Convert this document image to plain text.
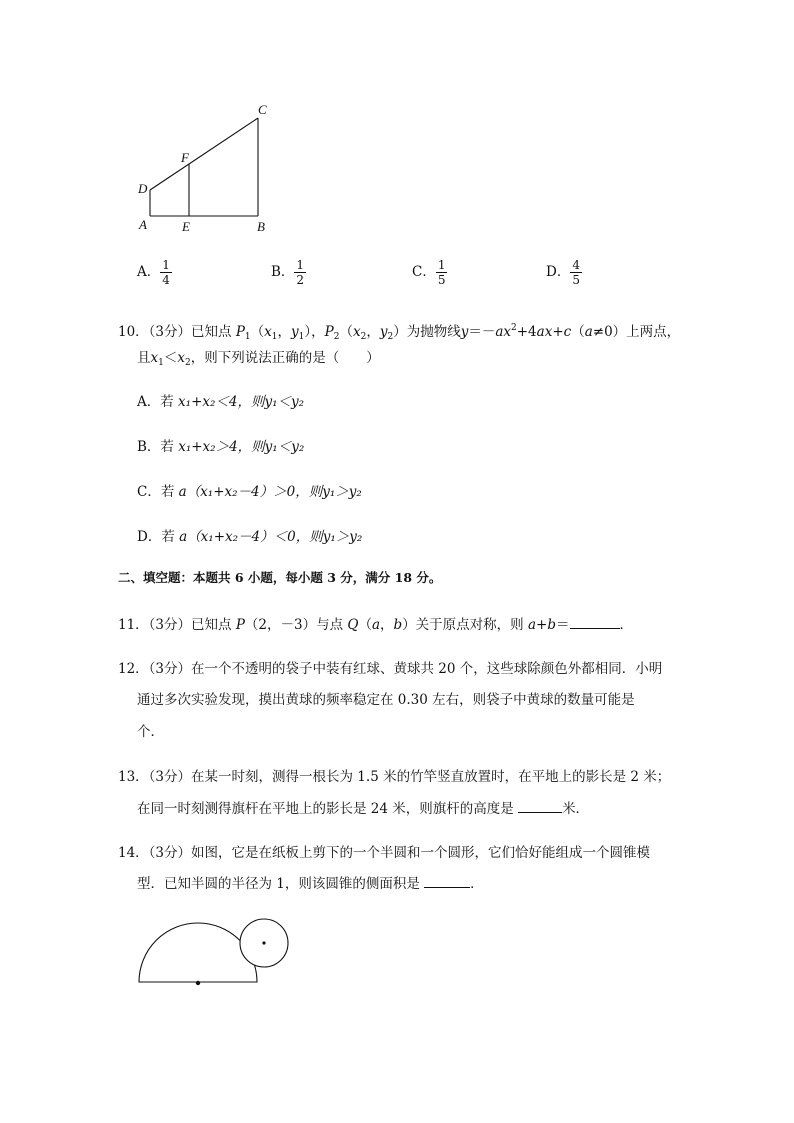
A	B
C
D
E
F
A． $\frac{1}{4}$	B． $\frac{1}{2}$	C． $\frac{1}{5}$	D． $\frac{4}{5}$
10．（3分）已知点 $P_1(x_1$，$y_1$），$P_2(x_2$，$y_2$）为抛物线$y=-ax^2+4ax+c(a\ne 0)$上两点，
且$x_1<x_2$，则下列说法正确的是（　　）
A．若 x₁+x₂＜4，则y₁＜y₂
B．若 x₁+x₂＞4，则y₁＜y₂
C．若 a（x₁+x₂－4）＞0，则y₁＞y₂
D．若 a（x₁+x₂－4）＜0，则y₁＞y₂
二、填空题：本题共 6 小题，每小题 3 分，满分 18 分。
11．（3分）已知点 P（2，－3）与点 Q（a，b）关于原点对称，则 a+b＝	．
12．（3分）在一个不透明的袋子中装有红球、黄球共 20 个，这些球除颜色外都相同．小明
通过多次实验发现，摸出黄球的频率稳定在 0.30 左右，则袋子中黄球的数量可能是
个．
13．（3分）在某一时刻，测得一根长为 1.5 米的竹竿竖直放置时，在平地上的影长是 2 米；
在同一时刻测得旗杆在平地上的影长是 24 米，则旗杆的高度是	米．
14．（3分）如图，它是在纸板上剪下的一个半圆和一个圆形，它们恰好能组成一个圆锥模
型．已知半圆的半径为 1，则该圆锥的侧面积是	．
